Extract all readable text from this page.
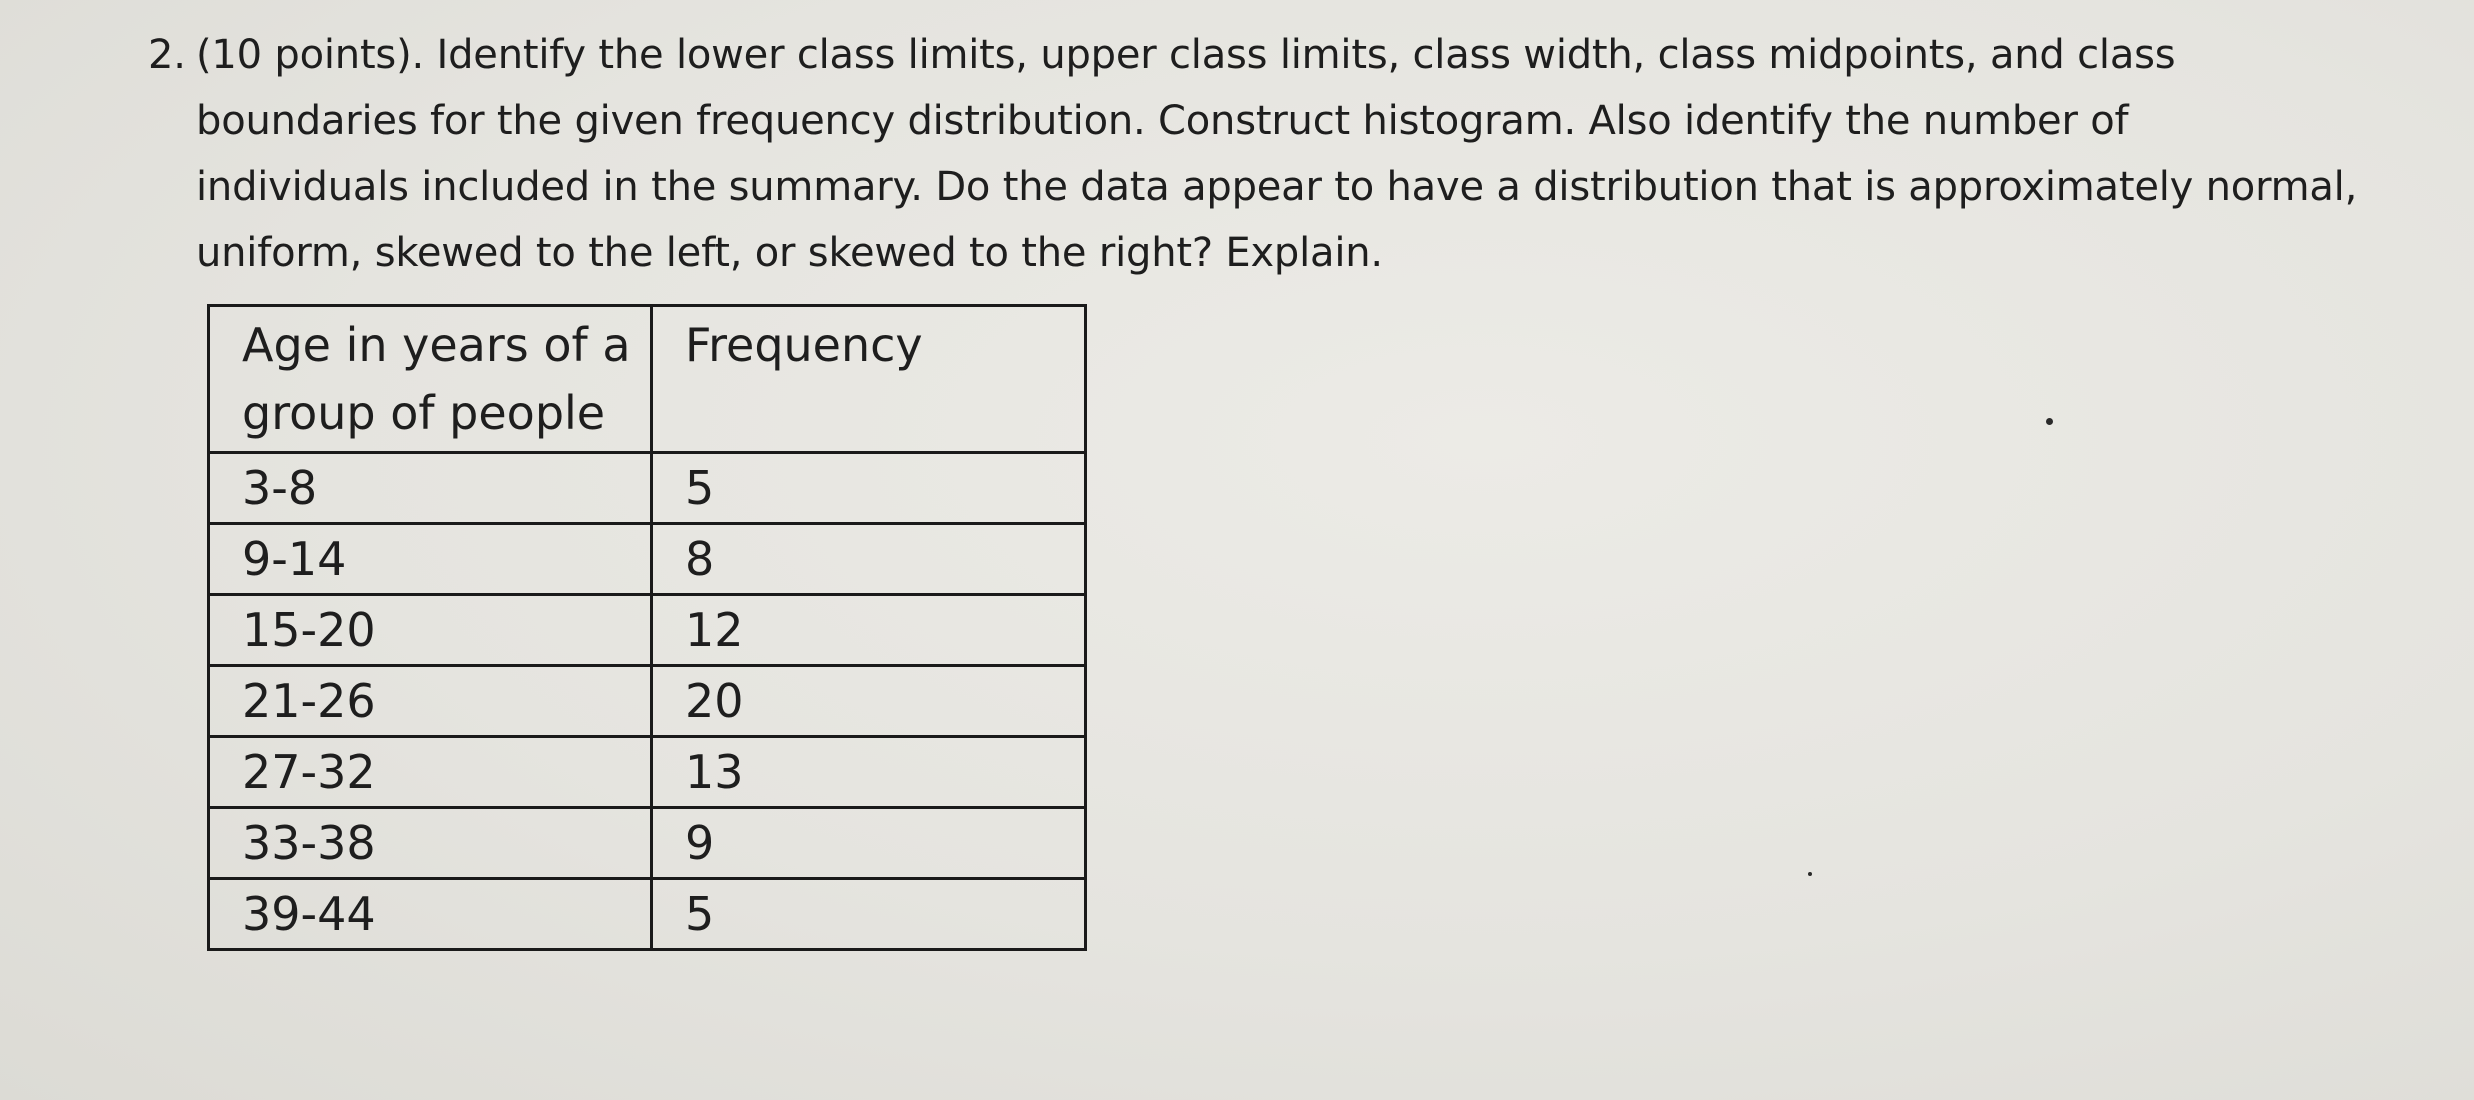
2. (10 points). Identify the lower class limits, upper class limits, class width, class midpoints, and class
boundaries for the given frequency distribution. Construct histogram. Also identify the number of
individuals included in the summary. Do the data appear to have a distribution that is approximately normal,
uniform, skewed to the left, or skewed to the right? Explain.
Age in years of a group of people	Frequency
3-8	5
9-14	8
15-20	12
21-26	20
27-32	13
33-38	9
39-44	5
